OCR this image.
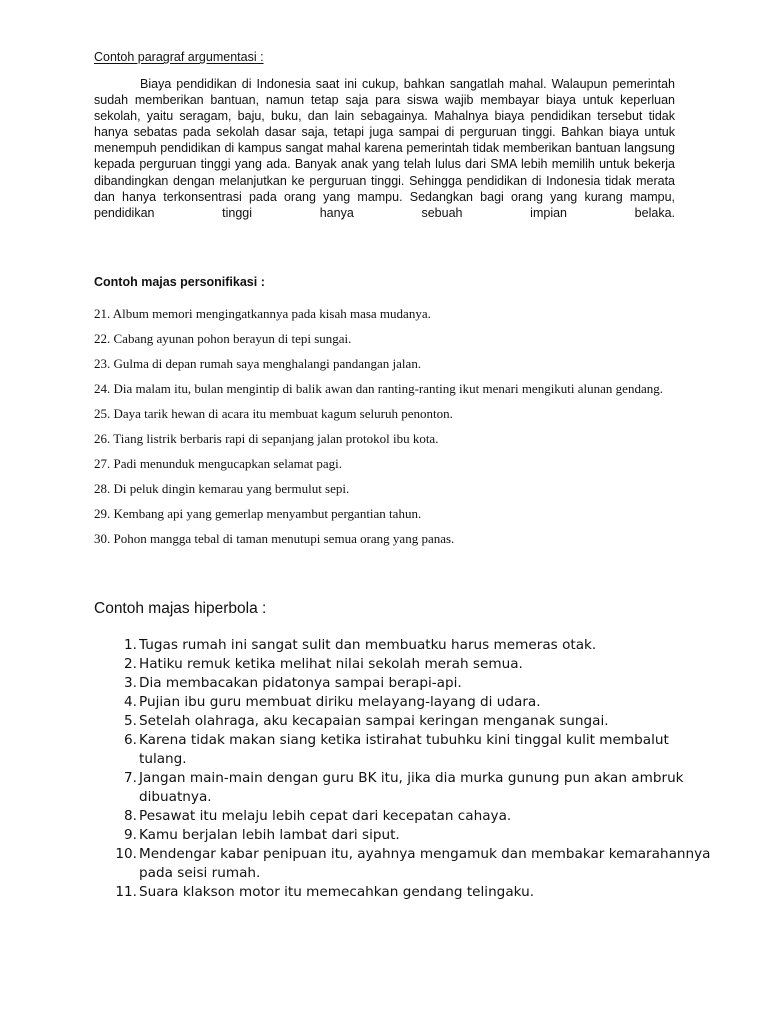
Contoh paragraf argumentasi :

Biaya pendidikan di Indonesia saat ini cukup, bahkan sangatlah mahal. Walaupun pemerintah sudah memberikan bantuan, namun tetap saja para siswa wajib membayar biaya untuk keperluan sekolah, yaitu seragam, baju, buku, dan lain sebagainya. Mahalnya biaya pendidikan tersebut tidak hanya sebatas pada sekolah dasar saja, tetapi juga sampai di perguruan tinggi. Bahkan biaya untuk menempuh pendidikan di kampus sangat mahal karena pemerintah tidak memberikan bantuan langsung kepada perguruan tinggi yang ada. Banyak anak yang telah lulus dari SMA lebih memilih untuk bekerja dibandingkan dengan melanjutkan ke perguruan tinggi. Sehingga pendidikan di Indonesia tidak merata dan hanya terkonsentrasi pada orang yang mampu. Sedangkan bagi orang yang kurang mampu, pendidikan tinggi hanya sebuah impian belaka.

Contoh majas personifikasi :

21. Album memori mengingatkannya pada kisah masa mudanya.

22. Cabang ayunan pohon berayun di tepi sungai.

23. Gulma di depan rumah saya menghalangi pandangan jalan.

24. Dia malam itu, bulan mengintip di balik awan dan ranting-ranting ikut menari mengikuti alunan gendang.

25. Daya tarik hewan di acara itu membuat kagum seluruh penonton.

26. Tiang listrik berbaris rapi di sepanjang jalan protokol ibu kota.

27. Padi menunduk mengucapkan selamat pagi.

28. Di peluk dingin kemarau yang bermulut sepi.

29. Kembang api yang gemerlap menyambut pergantian tahun.

30. Pohon mangga tebal di taman menutupi semua orang yang panas.

Contoh majas hiperbola :
1. Tugas rumah ini sangat sulit dan membuatku harus memeras otak.
2. Hatiku remuk ketika melihat nilai sekolah merah semua.
3. Dia membacakan pidatonya sampai berapi-api.
4. Pujian ibu guru membuat diriku melayang-layang di udara.
5. Setelah olahraga, aku kecapaian sampai keringan menganak sungai.
6. Karena tidak makan siang ketika istirahat tubuhku kini tinggal kulit membalut tulang.
7. Jangan main-main dengan guru BK itu, jika dia murka gunung pun akan ambruk dibuatnya.
8. Pesawat itu melaju lebih cepat dari kecepatan cahaya.
9. Kamu berjalan lebih lambat dari siput.
10. Mendengar kabar penipuan itu, ayahnya mengamuk dan membakar kemarahannya pada seisi rumah.
11. Suara klakson motor itu memecahkan gendang telingaku.
